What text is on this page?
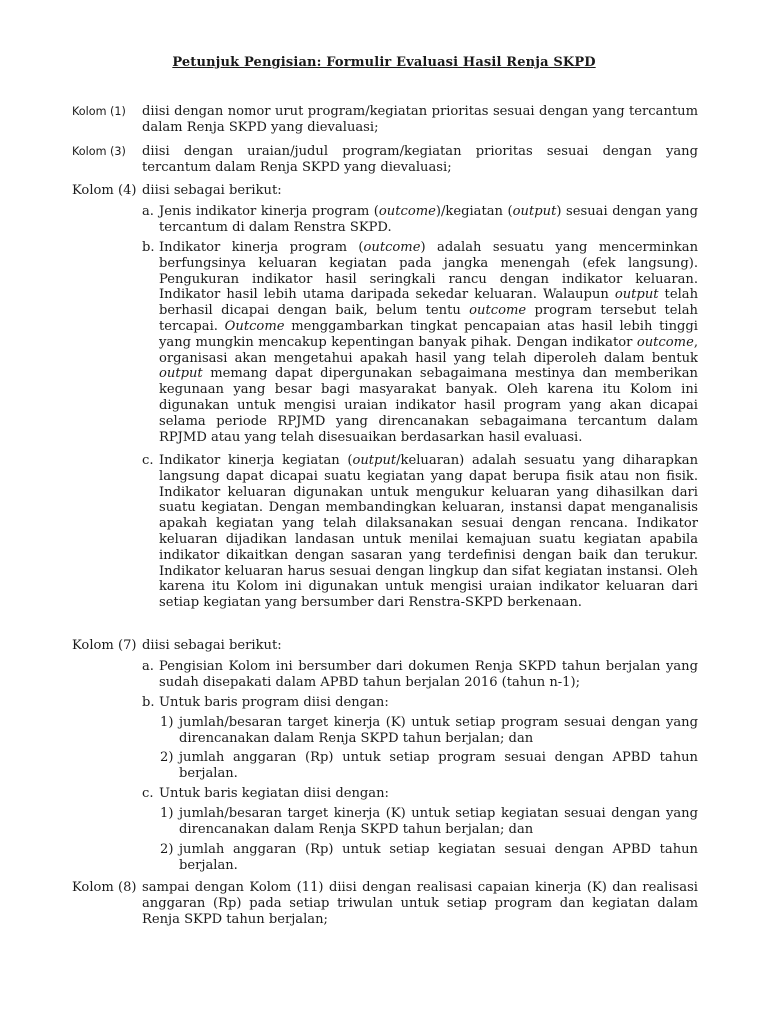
Petunjuk Pengisian: Formulir Evaluasi Hasil Renja SKPD
Kolom (1) diisi dengan nomor urut program/kegiatan prioritas sesuai dengan yang tercantum dalam Renja SKPD yang dievaluasi;
Kolom (3) diisi dengan uraian/judul program/kegiatan prioritas sesuai dengan yang tercantum dalam Renja SKPD yang dievaluasi;
Kolom (4) diisi sebagai berikut:
a. Jenis indikator kinerja program (outcome)/kegiatan (output) sesuai dengan yang tercantum di dalam Renstra SKPD.
b. Indikator kinerja program (outcome) adalah sesuatu yang mencerminkan berfungsinya keluaran kegiatan pada jangka menengah (efek langsung). Pengukuran indikator hasil seringkali rancu dengan indikator keluaran. Indikator hasil lebih utama daripada sekedar keluaran. Walaupun output telah berhasil dicapai dengan baik, belum tentu outcome program tersebut telah tercapai. Outcome menggambarkan tingkat pencapaian atas hasil lebih tinggi yang mungkin mencakup kepentingan banyak pihak. Dengan indikator outcome, organisasi akan mengetahui apakah hasil yang telah diperoleh dalam bentuk output memang dapat dipergunakan sebagaimana mestinya dan memberikan kegunaan yang besar bagi masyarakat banyak. Oleh karena itu Kolom ini digunakan untuk mengisi uraian indikator hasil program yang akan dicapai selama periode RPJMD yang direncanakan sebagaimana tercantum dalam RPJMD atau yang telah disesuaikan berdasarkan hasil evaluasi.
c. Indikator kinerja kegiatan (output/keluaran) adalah sesuatu yang diharapkan langsung dapat dicapai suatu kegiatan yang dapat berupa fisik atau non fisik. Indikator keluaran digunakan untuk mengukur keluaran yang dihasilkan dari suatu kegiatan. Dengan membandingkan keluaran, instansi dapat menganalisis apakah kegiatan yang telah dilaksanakan sesuai dengan rencana. Indikator keluaran dijadikan landasan untuk menilai kemajuan suatu kegiatan apabila indikator dikaitkan dengan sasaran yang terdefinisi dengan baik dan terukur. Indikator keluaran harus sesuai dengan lingkup dan sifat kegiatan instansi. Oleh karena itu Kolom ini digunakan untuk mengisi uraian indikator keluaran dari setiap kegiatan yang bersumber dari Renstra-SKPD berkenaan.
Kolom (7) diisi sebagai berikut:
a. Pengisian Kolom ini bersumber dari dokumen Renja SKPD tahun berjalan yang sudah disepakati dalam APBD tahun berjalan 2016 (tahun n-1);
b. Untuk baris program diisi dengan:
1) jumlah/besaran target kinerja (K) untuk setiap program sesuai dengan yang direncanakan dalam Renja SKPD tahun berjalan; dan
2) jumlah anggaran (Rp) untuk setiap program sesuai dengan APBD tahun berjalan.
c. Untuk baris kegiatan diisi dengan:
1) jumlah/besaran target kinerja (K) untuk setiap kegiatan sesuai dengan yang direncanakan dalam Renja SKPD tahun berjalan; dan
2) jumlah anggaran (Rp) untuk setiap kegiatan sesuai dengan APBD tahun berjalan.
Kolom (8) sampai dengan Kolom (11) diisi dengan realisasi capaian kinerja (K) dan realisasi anggaran (Rp) pada setiap triwulan untuk setiap program dan kegiatan dalam Renja SKPD tahun berjalan;
